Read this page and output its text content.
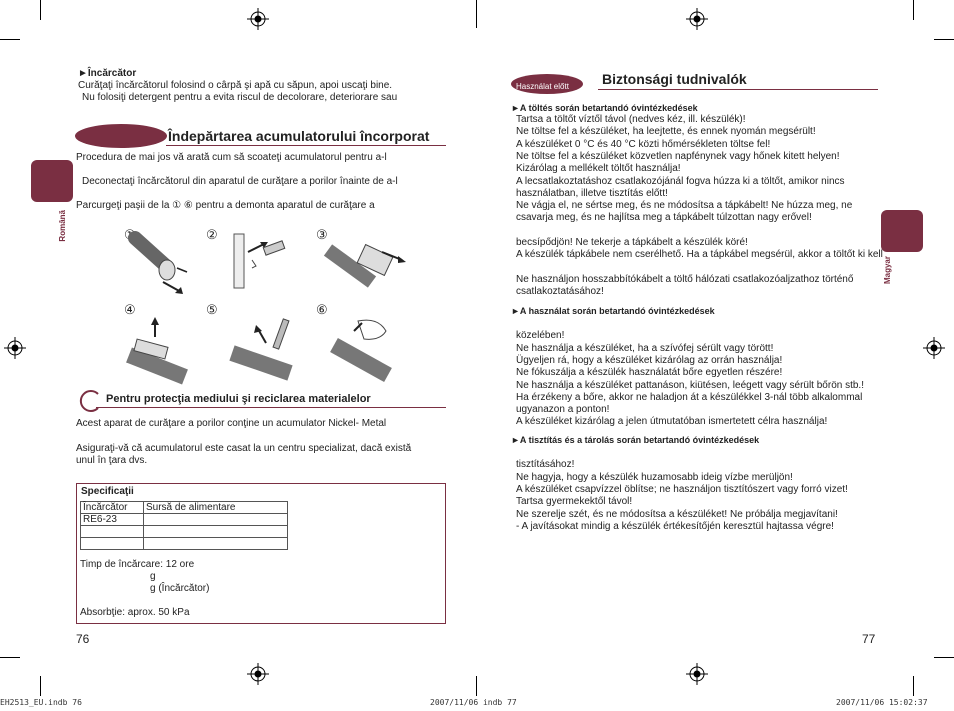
►Încărcător
Curăţaţi încărcătorul folosind o cârpă şi apă cu săpun, apoi uscaţi bine.
Nu folosiţi detergent pentru a evita riscul de decolorare, deteriorare sau
Îndepărtarea acumulatorului încorporat
Procedura de mai jos vă arată cum să scoateţi acumulatorul pentru a-l
Deconectaţi încărcătorul din aparatul de curăţare a porilor înainte de a-l
Parcurgeţi paşii de la ① ⑥ pentru a demonta aparatul de curăţare a
Română	①	②	③
④	⑤	⑥
Pentru protecţia mediului şi reciclarea materialelor
Acest aparat de curăţare a porilor conţine un acumulator Nickel- Metal
Asiguraţi-vă că acumulatorul este casat la un centru specializat, dacă există
unul în ţara dvs.
Specificaţii
Încărcător	Sursă de alimentare
RE6-23	

Timp de încărcare: 12 ore
g
g (Încărcător)
Absorbţie: aprox. 50 kPa
76
Használat előtt Biztonsági tudnivalók
►A töltés során betartandó óvintézkedések
Tartsa a töltőt víztől távol (nedves kéz, ill. készülék)!
Ne töltse fel a készüléket, ha leejtette, és ennek nyomán megsérült!
A készüléket 0 °C és 40 °C közti hőmérsékleten töltse fel!
Ne töltse fel a készüléket közvetlen napfénynek vagy hőnek kitett helyen!
Kizárólag a mellékelt töltőt használja!
A lecsatlakoztatáshoz csatlakozójánál fogva húzza ki a töltőt, amikor nincs
használatban, illetve tisztítás előtt!
Ne vágja el, ne sértse meg, és ne módosítsa a tápkábelt! Ne húzza meg, ne
csavarja meg, és ne hajlítsa meg a tápkábelt túlzottan nagy erővel!
becsípődjön! Ne tekerje a tápkábelt a készülék köré!
A készülék tápkábele nem cserélhető. Ha a tápkábel megsérül, akkor a töltőt ki kell
Ne használjon hosszabbítókábelt a töltő hálózati csatlakozóaljzathoz történő
csatlakoztatásához!
►A használat során betartandó óvintézkedések
közelében!
Ne használja a készüléket, ha a szívófej sérült vagy törött!
Ügyeljen rá, hogy a készüléket kizárólag az orrán használja!
Ne fókuszálja a készülék használatát bőre egyetlen részére!
Ne használja a készüléket pattanáson, kiütésen, leégett vagy sérült bőrön stb.!
Ha érzékeny a bőre, akkor ne haladjon át a készülékkel 3-nál több alkalommal
ugyanazon a ponton!
A készüléket kizárólag a jelen útmutatóban ismertetett célra használja!
►A tisztítás és a tárolás során betartandó óvintézkedések
tisztításához!
Ne hagyja, hogy a készülék huzamosabb ideig vízbe merüljön!
A készüléket csapvízzel öblítse; ne használjon tisztítószert vagy forró vizet!
Tartsa gyermekektől távol!
Ne szerelje szét, és ne módosítsa a készüléket! Ne próbálja megjavítani!
- A javításokat mindig a készülék értékesítőjén keresztül hajtassa végre!
Magyar
77
EH2513_EU.indb 76	2007/11/06 indb 77	2007/11/06 15:02:37
